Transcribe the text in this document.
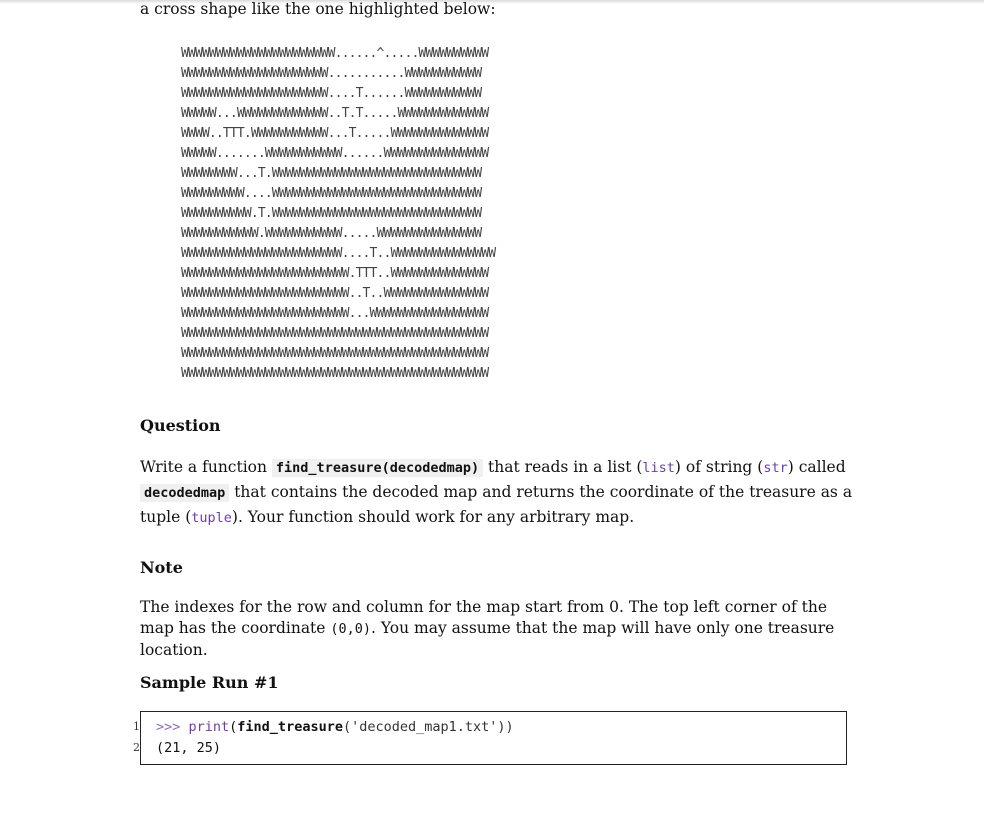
a cross shape like the one highlighted below:
WWWWWWWWWWWWWWWWWWWWWW......^.....WWWWWWWWWW
WWWWWWWWWWWWWWWWWWWWW...........WWWWWWWWWWW
WWWWWWWWWWWWWWWWWWWWW....T......WWWWWWWWWWW
WWWWW...WWWWWWWWWWWWW..T.T.....WWWWWWWWWWWWW
WWWW..TTT.WWWWWWWWWWW...T.....WWWWWWWWWWWWWW
WWWWW.......WWWWWWWWWWW......WWWWWWWWWWWWWWW
WWWWWWWW...T.WWWWWWWWWWWWWWWWWWWWWWWWWWWWWW
WWWWWWWWW....WWWWWWWWWWWWWWWWWWWWWWWWWWWWWW
WWWWWWWWWW.T.WWWWWWWWWWWWWWWWWWWWWWWWWWWWWW
WWWWWWWWWWW.WWWWWWWWWWW.....WWWWWWWWWWWWWWW
WWWWWWWWWWWWWWWWWWWWWWW....T..WWWWWWWWWWWWWWW
WWWWWWWWWWWWWWWWWWWWWWWW.TTT..WWWWWWWWWWWWWW
WWWWWWWWWWWWWWWWWWWWWWWW..T..WWWWWWWWWWWWWWW
WWWWWWWWWWWWWWWWWWWWWWWW...WWWWWWWWWWWWWWWWW
WWWWWWWWWWWWWWWWWWWWWWWWWWWWWWWWWWWWWWWWWWWW
WWWWWWWWWWWWWWWWWWWWWWWWWWWWWWWWWWWWWWWWWWWW
WWWWWWWWWWWWWWWWWWWWWWWWWWWWWWWWWWWWWWWWWWWW
Question
Write a function find_treasure(decodedmap) that reads in a list (list) of string (str) called decodedmap that contains the decoded map and returns the coordinate of the treasure as a tuple (tuple). Your function should work for any arbitrary map.
Note
The indexes for the row and column for the map start from 0. The top left corner of the map has the coordinate (0,0). You may assume that the map will have only one treasure location.
Sample Run #1
1
2
>>> print(find_treasure('decoded_map1.txt'))
(21, 25)
